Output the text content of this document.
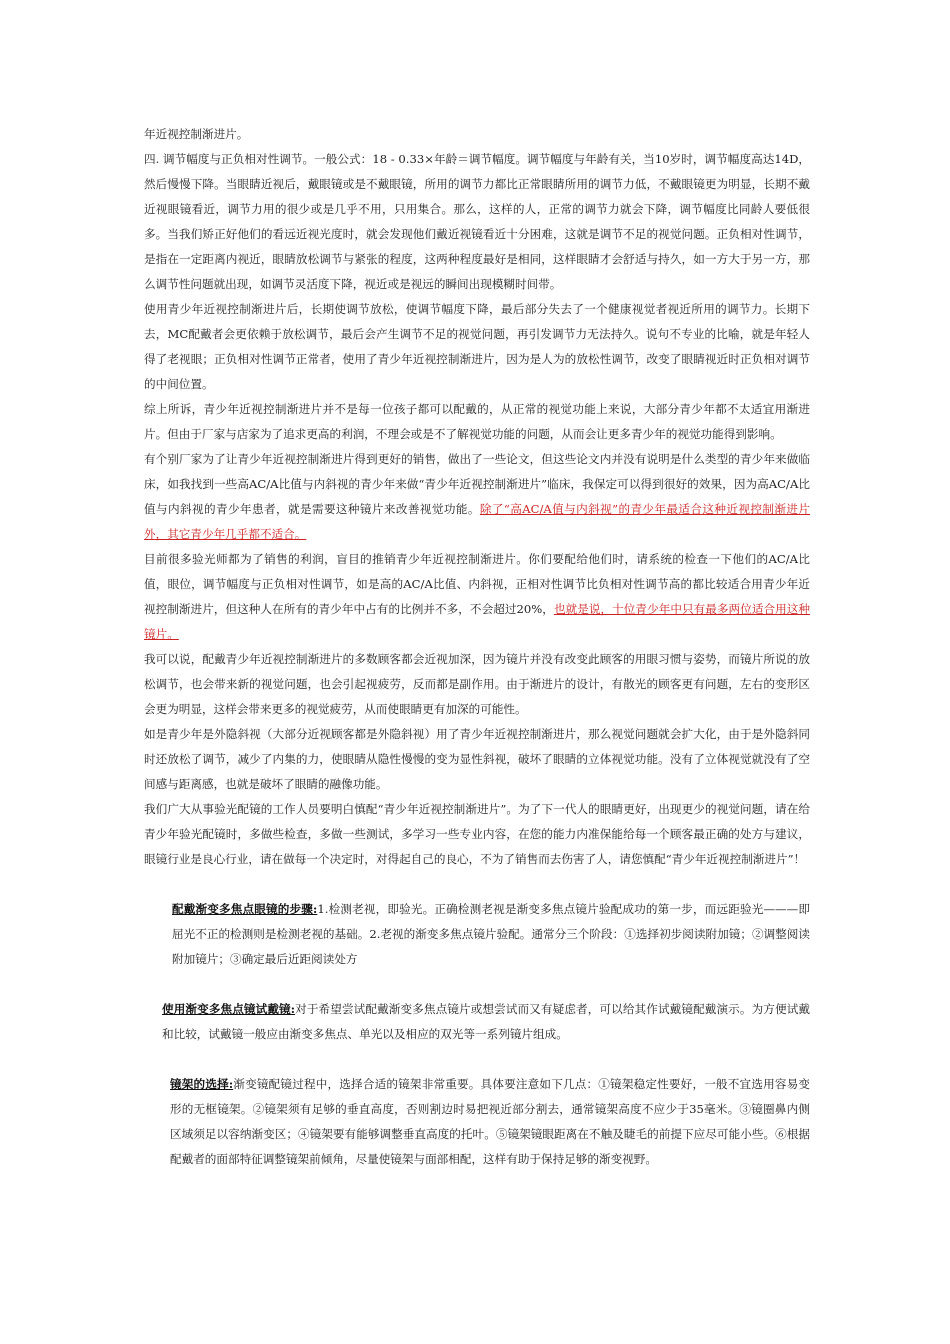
年近视控制渐进片。

四. 调节幅度与正负相对性调节。一般公式：18 - 0.33×年龄＝调节幅度。调节幅度与年龄有关，当10岁时，调节幅度高达14D，然后慢慢下降。当眼睛近视后，戴眼镜或是不戴眼镜，所用的调节力都比正常眼睛所用的调节力低，不戴眼镜更为明显，长期不戴近视眼镜看近，调节力用的很少或是几乎不用，只用集合。那么，这样的人，正常的调节力就会下降，调节幅度比同龄人要低很多。当我们矫正好他们的看远近视光度时，就会发现他们戴近视镜看近十分困难，这就是调节不足的视觉问题。正负相对性调节，是指在一定距离内视近，眼睛放松调节与紧张的程度，这两种程度最好是相同，这样眼睛才会舒适与持久，如一方大于另一方，那么调节性问题就出现，如调节灵活度下降，视近或是视远的瞬间出现模糊时间带。

使用青少年近视控制渐进片后，长期使调节放松，使调节幅度下降，最后部分失去了一个健康视觉者视近所用的调节力。长期下去，MC配戴者会更依赖于放松调节，最后会产生调节不足的视觉问题，再引发调节力无法持久。说句不专业的比喻，就是年轻人得了老视眼；正负相对性调节正常者，使用了青少年近视控制渐进片，因为是人为的放松性调节，改变了眼睛视近时正负相对调节的中间位置。

综上所诉，青少年近视控制渐进片并不是每一位孩子都可以配戴的，从正常的视觉功能上来说，大部分青少年都不太适宜用渐进片。但由于厂家与店家为了追求更高的利润，不理会或是不了解视觉功能的问题，从而会让更多青少年的视觉功能得到影响。

有个别厂家为了让青少年近视控制渐进片得到更好的销售，做出了一些论文，但这些论文内并没有说明是什么类型的青少年来做临床，如我找到一些高AC/A比值与内斜视的青少年来做“青少年近视控制渐进片”临床，我保定可以得到很好的效果，因为高AC/A比值与内斜视的青少年患者，就是需要这种镜片来改善视觉功能。除了“高AC/A值与内斜视”的青少年最适合这种近视控制渐进片外，其它青少年几乎都不适合。

目前很多验光师都为了销售的利润，盲目的推销青少年近视控制渐进片。你们要配给他们时，请系统的检查一下他们的AC/A比值，眼位，调节幅度与正负相对性调节，如是高的AC/A比值、内斜视，正相对性调节比负相对性调节高的都比较适合用青少年近视控制渐进片，但这种人在所有的青少年中占有的比例并不多，不会超过20%，也就是说，十位青少年中只有最多两位适合用这种镜片。

我可以说，配戴青少年近视控制渐进片的多数顾客都会近视加深，因为镜片并没有改变此顾客的用眼习惯与姿势，而镜片所说的放松调节，也会带来新的视觉问题，也会引起视疲劳，反而都是副作用。由于渐进片的设计，有散光的顾客更有问题，左右的变形区会更为明显，这样会带来更多的视觉疲劳，从而使眼睛更有加深的可能性。

如是青少年是外隐斜视（大部分近视顾客都是外隐斜视）用了青少年近视控制渐进片，那么视觉问题就会扩大化，由于是外隐斜同时还放松了调节，减少了内集的力，使眼睛从隐性慢慢的变为显性斜视，破坏了眼睛的立体视觉功能。没有了立体视觉就没有了空间感与距离感，也就是破坏了眼睛的融像功能。

我们广大从事验光配镜的工作人员要明白慎配“青少年近视控制渐进片”。为了下一代人的眼睛更好，出现更少的视觉问题，请在给青少年验光配镜时，多做些检查，多做一些测试，多学习一些专业内容，在您的能力内准保能给每一个顾客最正确的处方与建议，眼镜行业是良心行业，请在做每一个决定时，对得起自己的良心，不为了销售而去伤害了人，请您慎配“青少年近视控制渐进片”！

配戴渐变多焦点眼镜的步骤:1.检测老视，即验光。正确检测老视是渐变多焦点镜片验配成功的第一步，而远距验光———即屈光不正的检测则是检测老视的基础。2.老视的渐变多焦点镜片验配。通常分三个阶段：①选择初步阅读附加镜；②调整阅读附加镜片；③确定最后近距阅读处方

使用渐变多焦点镜试戴镜:对于希望尝试配戴渐变多焦点镜片或想尝试而又有疑虑者，可以给其作试戴镜配戴演示。为方便试戴和比较，试戴镜一般应由渐变多焦点、单光以及相应的双光等一系列镜片组成。

镜架的选择:渐变镜配镜过程中，选择合适的镜架非常重要。具体要注意如下几点：①镜架稳定性要好，一般不宜选用容易变形的无框镜架。②镜架须有足够的垂直高度，否则割边时易把视近部分割去，通常镜架高度不应少于35毫米。③镜圈鼻内侧区域须足以容纳渐变区；④镜架要有能够调整垂直高度的托叶。⑤镜架镜眼距离在不触及睫毛的前提下应尽可能小些。⑥根据配戴者的面部特征调整镜架前倾角，尽量使镜架与面部相配，这样有助于保持足够的渐变视野。
